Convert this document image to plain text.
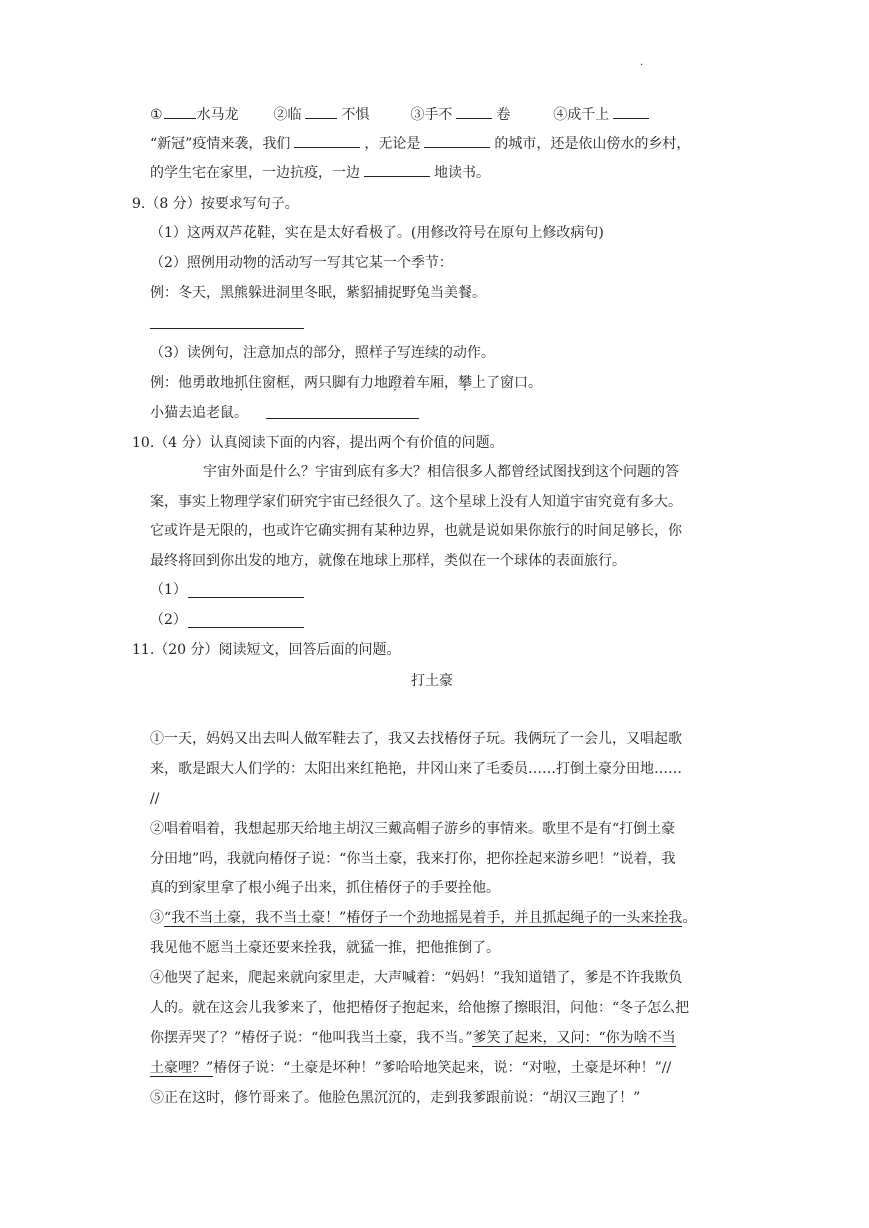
.
① 水马龙 ②临	不惧	③手不	卷	④成千上
“新冠”疫情来袭，我们	，无论是	的城市，还是依山傍水的乡村，
的学生宅在家里，一边抗疫，一边	地读书。
9.（8 分）按要求写句子。
（1）这两双芦花鞋，实在是太好看极了。(用修改符号在原句上修改病句)
（2）照例用动物的活动写一写其它某一个季节：
例：冬天，黑熊躲进洞里冬眠，紫貂捕捉野兔当美餐。
（3）读例句，注意加点的部分，照样子写连续的动作。
例：他勇敢地抓住窗框，两只脚有力地蹬着车厢，攀上了窗口。
小猫去追老鼠。
10.（4 分）认真阅读下面的内容，提出两个有价值的问题。
宇宙外面是什么？宇宙到底有多大？相信很多人都曾经试图找到这个问题的答
案，事实上物理学家们研究宇宙已经很久了。这个星球上没有人知道宇宙究竟有多大。
它或许是无限的，也或许它确实拥有某种边界，也就是说如果你旅行的时间足够长，你
最终将回到你出发的地方，就像在地球上那样，类似在一个球体的表面旅行。
（1）
（2）
11.（20 分）阅读短文，回答后面的问题。
打土豪
①一天，妈妈又出去叫人做军鞋去了，我又去找椿伢子玩。我俩玩了一会儿，又唱起歌
来，歌是跟大人们学的：太阳出来红艳艳，井冈山来了毛委员……打倒土豪分田地……
//
②唱着唱着，我想起那天给地主胡汉三戴高帽子游乡的事情来。歌里不是有“打倒土豪
分田地”吗，我就向椿伢子说：“你当土豪，我来打你，把你拴起来游乡吧！”说着，我
真的到家里拿了根小绳子出来，抓住椿伢子的手要拴他。
③“我不当土豪，我不当土豪！”椿伢子一个劲地摇晃着手，并且抓起绳子的一头来拴我。
我见他不愿当土豪还要来拴我，就猛一推，把他推倒了。
④他哭了起来，爬起来就向家里走，大声喊着：“妈妈！”我知道错了，爹是不许我欺负
人的。就在这会儿我爹来了，他把椿伢子抱起来，给他擦了擦眼泪，问他：“冬子怎么把
你摆弄哭了？”椿伢子说：“他叫我当土豪，我不当。”爹笑了起来，又问：“你为啥不当
土豪哩？”椿伢子说：“土豪是坏种！”爹哈哈地笑起来，说：“对啦，土豪是坏种！”//
⑤正在这时，修竹哥来了。他脸色黑沉沉的，走到我爹跟前说：“胡汉三跑了！”
